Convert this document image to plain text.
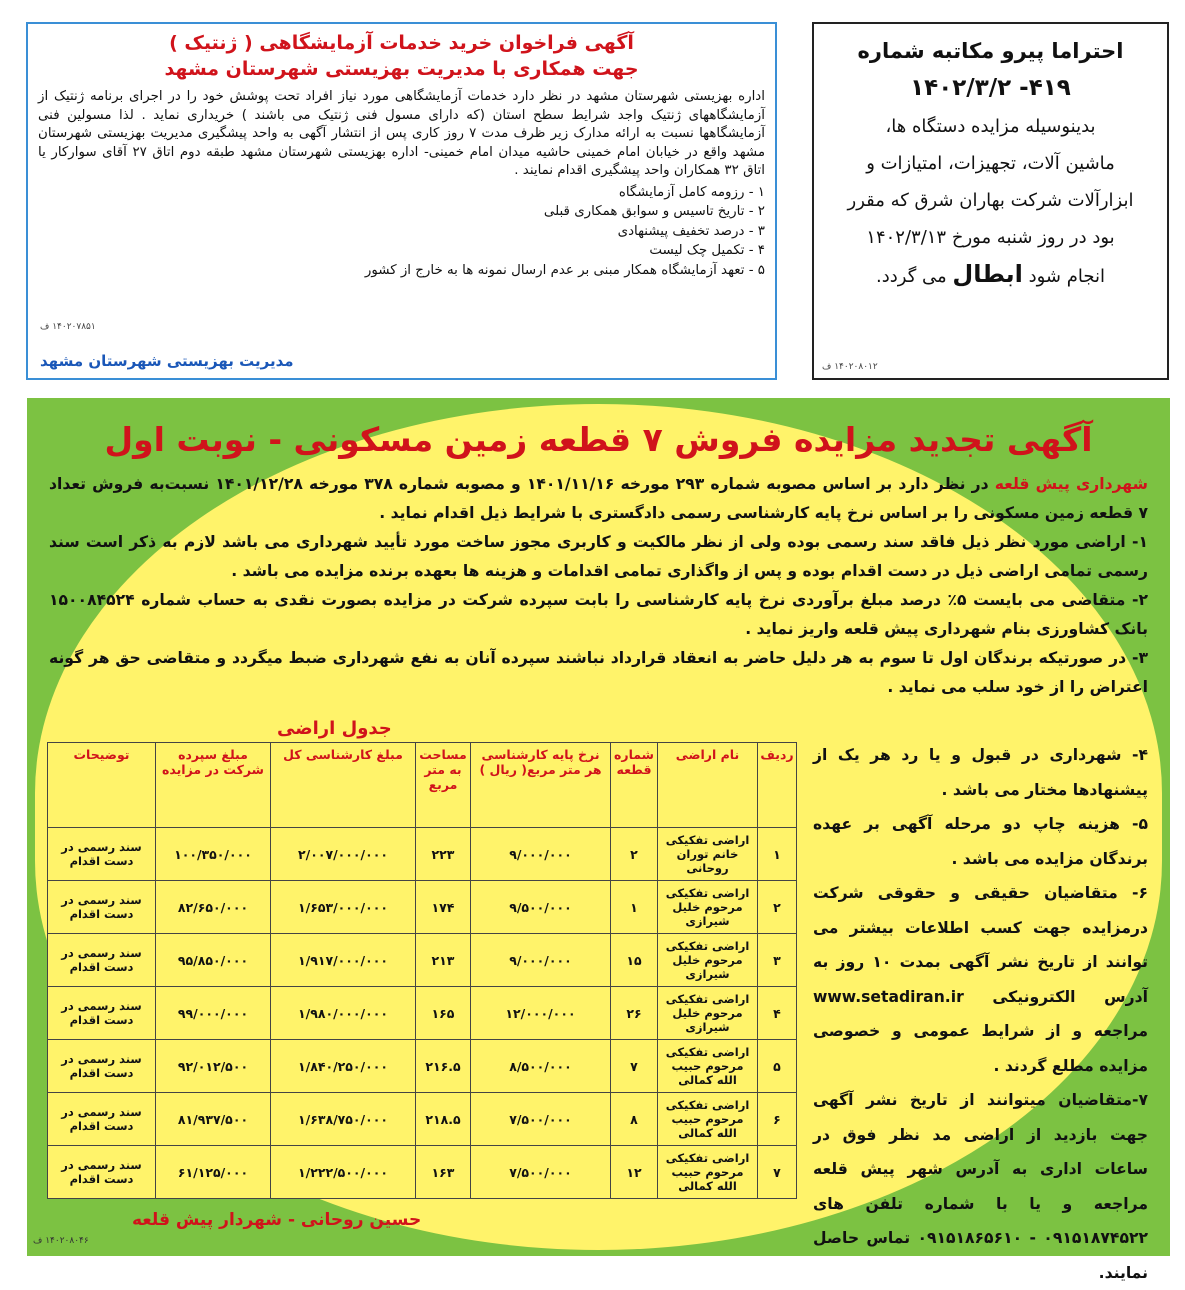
آگهی فراخوان خرید خدمات آزمایشگاهی ( ژنتیک )
جهت همکاری با مدیریت بهزیستی شهرستان مشهد
اداره بهزیستی شهرستان مشهد در نظر دارد خدمات آزمایشگاهی مورد نیاز افراد تحت پوشش خود را در اجرای برنامه ژنتیک از آزمایشگاههای ژنتیک واجد شرایط سطح استان (که دارای مسول فنی ژنتیک می باشند ) خریداری نماید . لذا مسولین فنی آزمایشگاهها نسبت به ارائه مدارک زیر ظرف مدت ۷ روز کاری پس از انتشار آگهی به واحد پیشگیری مدیریت بهزیستی شهرستان مشهد واقع در خیابان امام خمینی حاشیه میدان امام خمینی- اداره بهزیستی شهرستان مشهد طبقه دوم اتاق ۲۷ آقای سوارکار یا اتاق ۳۲ همکاران واحد پیشگیری اقدام نمایند .
۱ - رزومه کامل آزمایشگاه
۲ - تاریخ تاسیس و سوابق همکاری قبلی
۳ - درصد تخفیف پیشنهادی
۴ - تکمیل چک لیست
۵ - تعهد آزمایشگاه همکار مبنی بر عدم ارسال نمونه ها به خارج از کشور
۱۴۰۲۰۷۸۵۱ ف
مدیریت بهزیستی شهرستان مشهد
احتراما پیرو مکاتبه شماره
۴۱۹- ۱۴۰۲/۳/۲
بدینوسیله مزایده دستگاه ها،
ماشین آلات، تجهیزات، امتیازات و
ابزارآلات شرکت بهاران شرق که مقرر
بود در روز شنبه مورخ ۱۴۰۲/۳/۱۳
انجام شود ابطال می گردد.
۱۴۰۲۰۸۰۱۲ ف
آگهی تجدید مزایده فروش ۷ قطعه زمین مسکونی - نوبت اول
شهرداری پیش قلعه در نظر دارد بر اساس مصوبه شماره ۲۹۳ مورخه ۱۴۰۱/۱۱/۱۶ و مصوبه شماره ۳۷۸ مورخه ۱۴۰۱/۱۲/۲۸ نسبت‌به فروش تعداد ۷ قطعه زمین مسکونی را بر اساس نرخ پایه کارشناسی رسمی دادگستری با شرایط ذیل اقدام نماید .
۱- اراضی مورد نظر ذیل فاقد سند رسمی بوده ولی از نظر مالکیت و کاربری مجوز ساخت مورد تأیید شهرداری می باشد لازم به ذکر است سند رسمی تمامی اراضی ذیل در دست اقدام بوده و پس از واگذاری تمامی اقدامات و هزینه ها بعهده برنده مزایده می باشد .
۲- متقاضی می بایست ۵٪ درصد مبلغ برآوردی نرخ پایه کارشناسی را بابت سپرده شرکت در مزایده بصورت نقدی به حساب شماره ۱۵۰۰۸۴۵۲۴ بانک کشاورزی بنام شهرداری پیش قلعه واریز نماید .
۳- در صورتیکه برندگان اول تا سوم به هر دلیل حاضر به انعقاد قرارداد نباشند سپرده آنان به نفع شهرداری ضبط میگردد و متقاضی حق هر گونه اعتراض را از خود سلب می نماید .
جدول اراضی
ردیف	نام اراضی	شماره قطعه	نرخ پایه کارشناسی هر متر مربع( ریال )	مساحت به متر مربع	مبلغ کارشناسی کل	مبلغ سپرده شرکت در مزایده	توضیحات
۱	اراضی تفکیکی خانم توران روحانی	۲	۹/۰۰۰/۰۰۰	۲۲۳	۲/۰۰۷/۰۰۰/۰۰۰	۱۰۰/۳۵۰/۰۰۰	سند رسمی در دست اقدام
۲	اراضی تفکیکی مرحوم خلیل شیرازی	۱	۹/۵۰۰/۰۰۰	۱۷۴	۱/۶۵۳/۰۰۰/۰۰۰	۸۲/۶۵۰/۰۰۰	سند رسمی در دست اقدام
۳	اراضی تفکیکی مرحوم خلیل شیرازی	۱۵	۹/۰۰۰/۰۰۰	۲۱۳	۱/۹۱۷/۰۰۰/۰۰۰	۹۵/۸۵۰/۰۰۰	سند رسمی در دست اقدام
۴	اراضی تفکیکی مرحوم خلیل شیرازی	۲۶	۱۲/۰۰۰/۰۰۰	۱۶۵	۱/۹۸۰/۰۰۰/۰۰۰	۹۹/۰۰۰/۰۰۰	سند رسمی در دست اقدام
۵	اراضی تفکیکی مرحوم حبیب الله کمالی	۷	۸/۵۰۰/۰۰۰	۲۱۶.۵	۱/۸۴۰/۲۵۰/۰۰۰	۹۲/۰۱۲/۵۰۰	سند رسمی در دست اقدام
۶	اراضی تفکیکی مرحوم حبیب الله کمالی	۸	۷/۵۰۰/۰۰۰	۲۱۸.۵	۱/۶۳۸/۷۵۰/۰۰۰	۸۱/۹۳۷/۵۰۰	سند رسمی در دست اقدام
۷	اراضی تفکیکی مرحوم حبیب الله کمالی	۱۲	۷/۵۰۰/۰۰۰	۱۶۳	۱/۲۲۲/۵۰۰/۰۰۰	۶۱/۱۲۵/۰۰۰	سند رسمی در دست اقدام
۴- شهرداری در قبول و یا رد هر یک از پیشنهادها مختار می باشد .
۵- هزینه چاپ دو مرحله آگهی بر عهده برندگان مزایده می باشد .
۶- متقاضیان حقیقی و حقوقی شرکت درمزایده جهت کسب اطلاعات بیشتر می توانند از تاریخ نشر آگهی بمدت ۱۰ روز به آدرس الکترونیکی www.setadiran.ir مراجعه و از شرایط عمومی و خصوصی مزایده مطلع گردند .
۷-متقاضیان میتوانند از تاریخ نشر آگهی جهت بازدید از اراضی مد نظر فوق در ساعات اداری به آدرس شهر پیش قلعه مراجعه و یا با شماره تلفن های ۰۹۱۵۱۸۷۴۵۲۲ - ۰۹۱۵۱۸۶۵۶۱۰ تماس حاصل نمایند.
حسین روحانی - شهردار پیش قلعه
۱۴۰۲۰۸۰۴۶ ف
